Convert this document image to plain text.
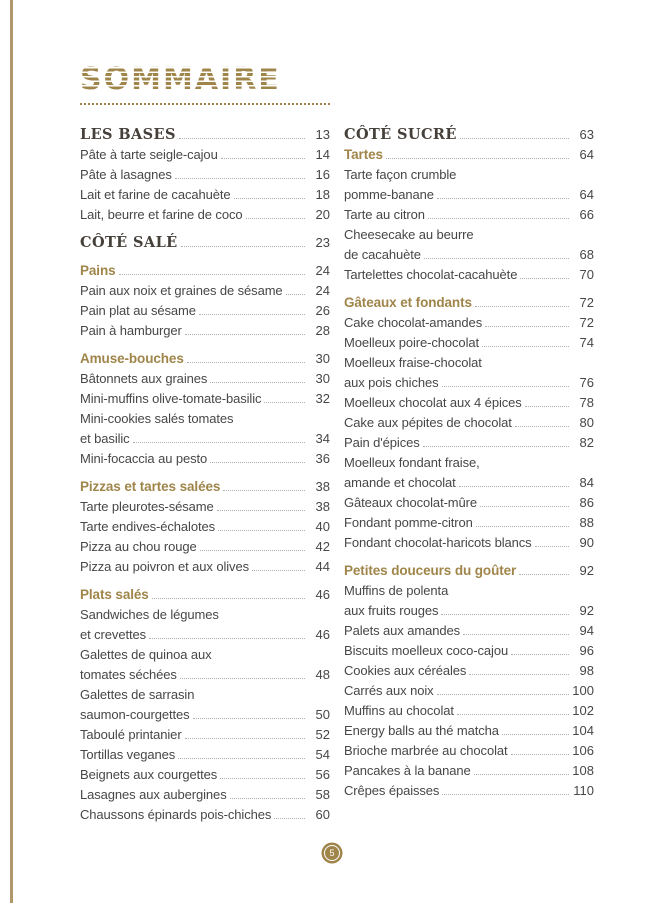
SOMMAIRE
LES BASES	13
Pâte à tarte seigle-cajou	14
Pâte à lasagnes	16
Lait et farine de cacahuète	18
Lait, beurre et farine de coco	20
CÔTÉ SALÉ	23
Pains	24
Pain aux noix et graines de sésame	24
Pain plat au sésame	26
Pain à hamburger	28
Amuse-bouches	30
Bâtonnets aux graines	30
Mini-muffins olive-tomate-basilic	32
Mini-cookies salés tomates
et basilic	34
Mini-focaccia au pesto	36
Pizzas et tartes salées	38
Tarte pleurotes-sésame	38
Tarte endives-échalotes	40
Pizza au chou rouge	42
Pizza au poivron et aux olives	44
Plats salés	46
Sandwiches de légumes
et crevettes	46
Galettes de quinoa aux
tomates séchées	48
Galettes de sarrasin
saumon-courgettes	50
Taboulé printanier	52
Tortillas veganes	54
Beignets aux courgettes	56
Lasagnes aux aubergines	58
Chaussons épinards pois-chiches	60
CÔTÉ SUCRÉ	63
Tartes	64
Tarte façon crumble
pomme-banane	64
Tarte au citron	66
Cheesecake au beurre
de cacahuète	68
Tartelettes chocolat-cacahuète	70
Gâteaux et fondants	72
Cake chocolat-amandes	72
Moelleux poire-chocolat	74
Moelleux fraise-chocolat
aux pois chiches	76
Moelleux chocolat aux 4 épices	78
Cake aux pépites de chocolat	80
Pain d'épices	82
Moelleux fondant fraise,
amande et chocolat	84
Gâteaux chocolat-mûre	86
Fondant pomme-citron	88
Fondant chocolat-haricots blancs	90
Petites douceurs du goûter	92
Muffins de polenta
aux fruits rouges	92
Palets aux amandes	94
Biscuits moelleux coco-cajou	96
Cookies aux céréales	98
Carrés aux noix	100
Muffins au chocolat	102
Energy balls au thé matcha	104
Brioche marbrée au chocolat	106
Pancakes à la banane	108
Crêpes épaisses	110
5
